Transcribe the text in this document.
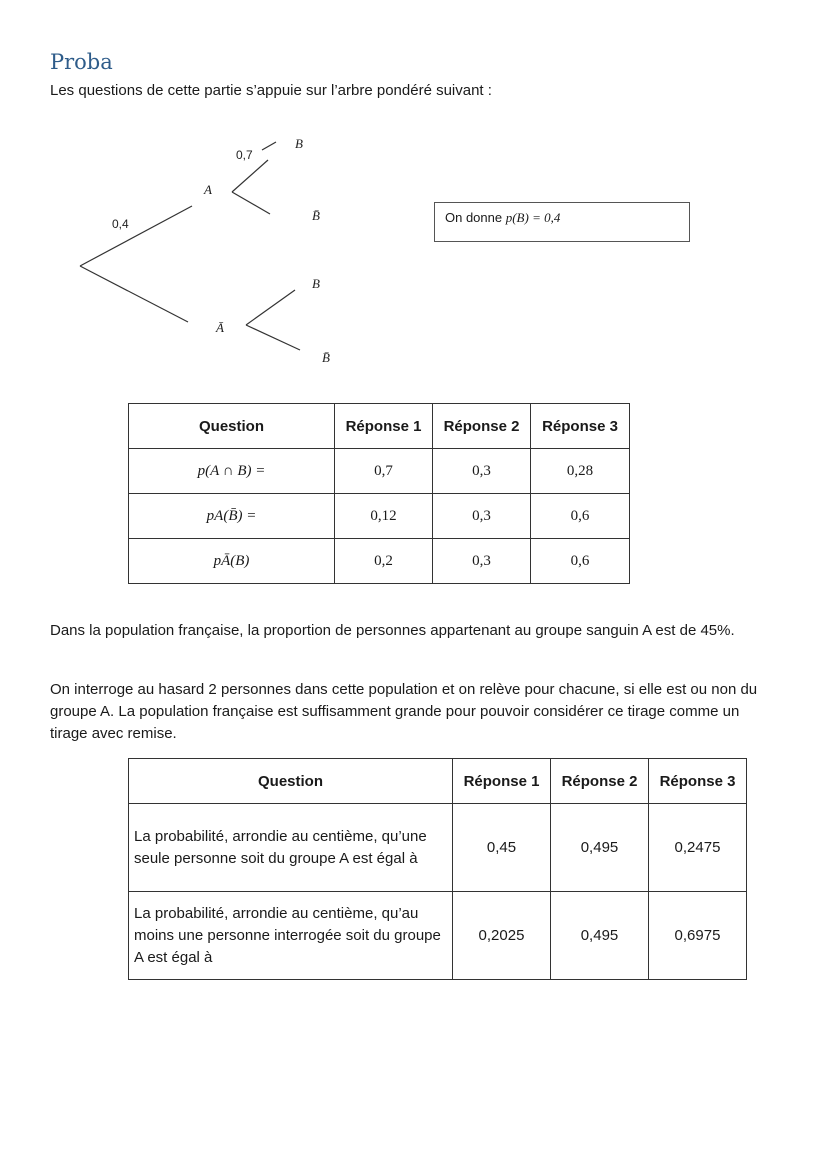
Proba
Les questions de cette partie s’appuie sur l’arbre pondéré suivant :
0,4
0,7
A
Ā
B
B̄
B
B̄
On donne p(B) = 0,4
Question	Réponse 1	Réponse 2	Réponse 3
p(A ∩ B) =	0,7	0,3	0,28
pA(B̄) =	0,12	0,3	0,6
pĀ(B)	0,2	0,3	0,6
Dans la population française, la proportion de personnes appartenant au groupe sanguin A est de 45%.
On interroge au hasard 2 personnes dans cette population et on relève pour chacune, si elle est ou non du groupe A. La population française est suffisamment grande pour pouvoir considérer ce tirage comme un tirage avec remise.
Question	Réponse 1	Réponse 2	Réponse 3
La probabilité, arrondie au centième, qu’une seule personne soit du groupe A est égal à	0,45	0,495	0,2475
La probabilité, arrondie au centième, qu’au moins une personne interrogée soit du groupe A est égal à	0,2025	0,495	0,6975
